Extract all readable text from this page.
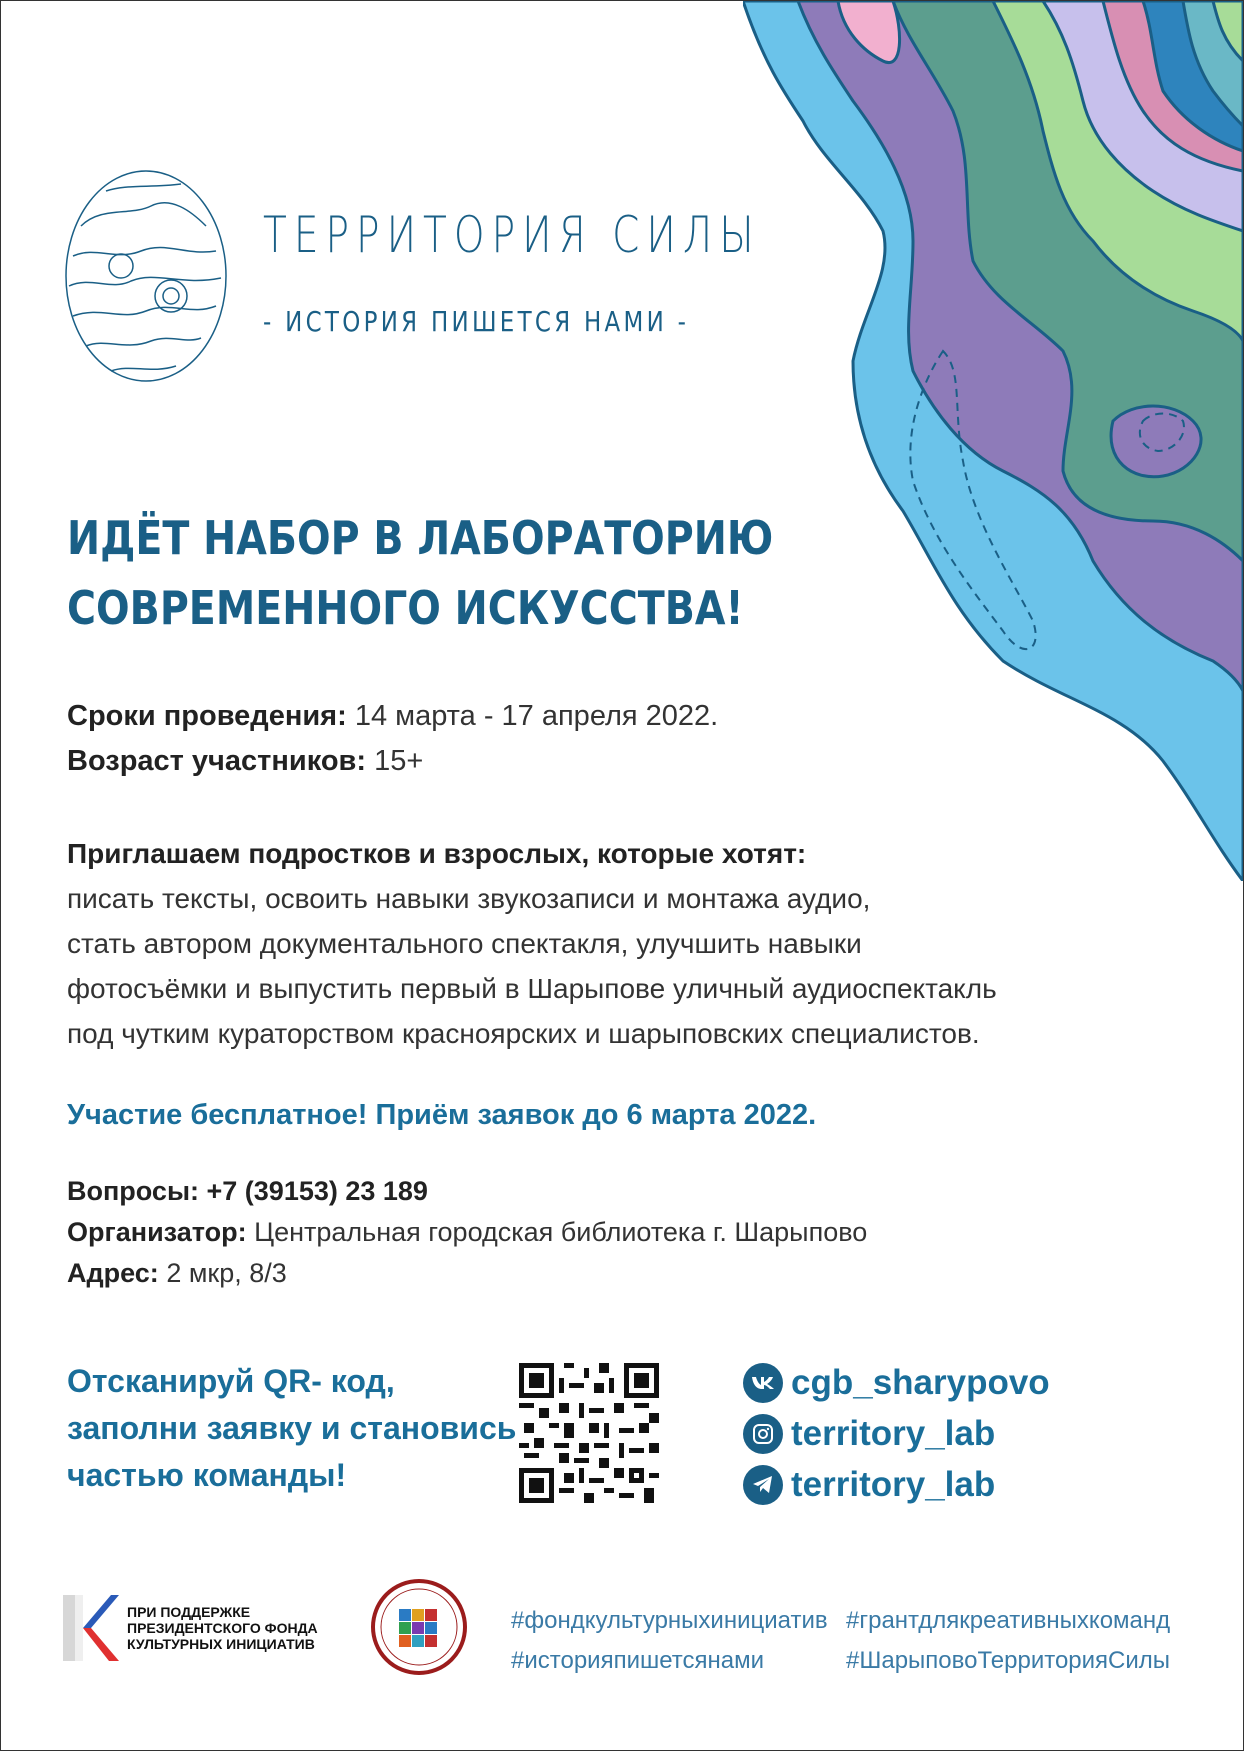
ТЕРРИТОРИЯ СИЛЫ
- ИСТОРИЯ ПИШЕТСЯ НАМИ -
ИДЁТ НАБОР В ЛАБОРАТОРИЮ
СОВРЕМЕННОГО ИСКУССТВА!
Сроки проведения: 14 марта - 17 апреля 2022.
Возраст участников: 15+
Приглашаем подростков и взрослых, которые хотят:
писать тексты, освоить навыки звукозаписи и монтажа аудио,
стать автором документального спектакля, улучшить навыки
фотосъёмки и выпустить первый в Шарыпове уличный аудиоспектакль
под чутким кураторством красноярских и шарыповских специалистов.
Участие бесплатное! Приём заявок до 6 марта 2022.
Вопросы: +7 (39153) 23 189
Организатор: Центральная городская библиотека г. Шарыпово
Адрес: 2 мкр, 8/3
Отсканируй QR- код,
заполни заявку и становись
частью команды!
cgb_sharypovo
territory_lab
territory_lab
ПРИ ПОДДЕРЖКЕ
ПРЕЗИДЕНТСКОГО ФОНДА
КУЛЬТУРНЫХ ИНИЦИАТИВ
#фондкультурныхинициатив
#историяпишетсянами
#грантдлякреативныхкоманд
#ШарыповоТерриторияСилы
